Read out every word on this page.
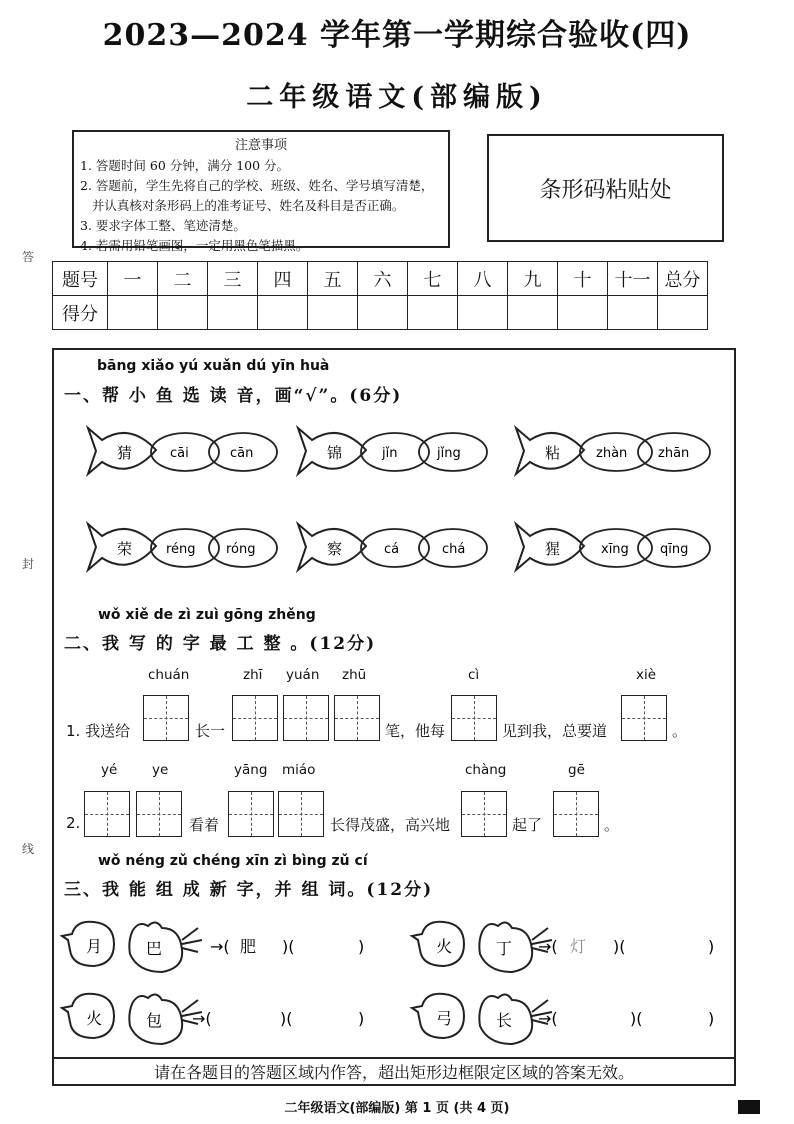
2023—2024 学年第一学期综合验收(四)
二年级语文(部编版)
注意事项
1. 答题时间 60 分钟，满分 100 分。
2. 答题前，学生先将自己的学校、班级、姓名、学号填写清楚，
并认真核对条形码上的准考证号、姓名及科目是否正确。
3. 要求字体工整、笔迹清楚。
4. 若需用铅笔画图，一定用黑色笔描黑。
条形码粘贴处
题号	一	二	三	四	五	六	七	八	九	十	十一	总分
得分												
答
封
线
bāng xiǎo yú xuǎn dú yīn huà
一、帮 小 鱼 选 读 音，画“√”。(6分)
猜	cāi	cān	锦	jǐn	jǐng	粘	zhàn zhān
荣	réng róng	察	cá	chá	猩	xīng qīng
wǒ xiě de zì zuì gōng zhěng
二、我 写 的 字 最 工 整 。(12分)
chuán	zhī yuán zhū	cì	xiè
1. 我送给	长一	笔，他每	见到我，总要道	。
yé	ye	yāng miáo	chàng	gē
2.	看着	长得茂盛，高兴地	起了	。
wǒ néng zǔ chéng xīn zì bìng zǔ cí
三、我 能 组 成 新 字，并 组 词。(12分)
月	巴	→( 肥 )(	)	火	丁 →( 灯 )(	)
火	包 →(	)(	)	弓	长 →(	)(	)
请在各题目的答题区域内作答，超出矩形边框限定区域的答案无效。
二年级语文(部编版) 第 1 页 (共 4 页)
